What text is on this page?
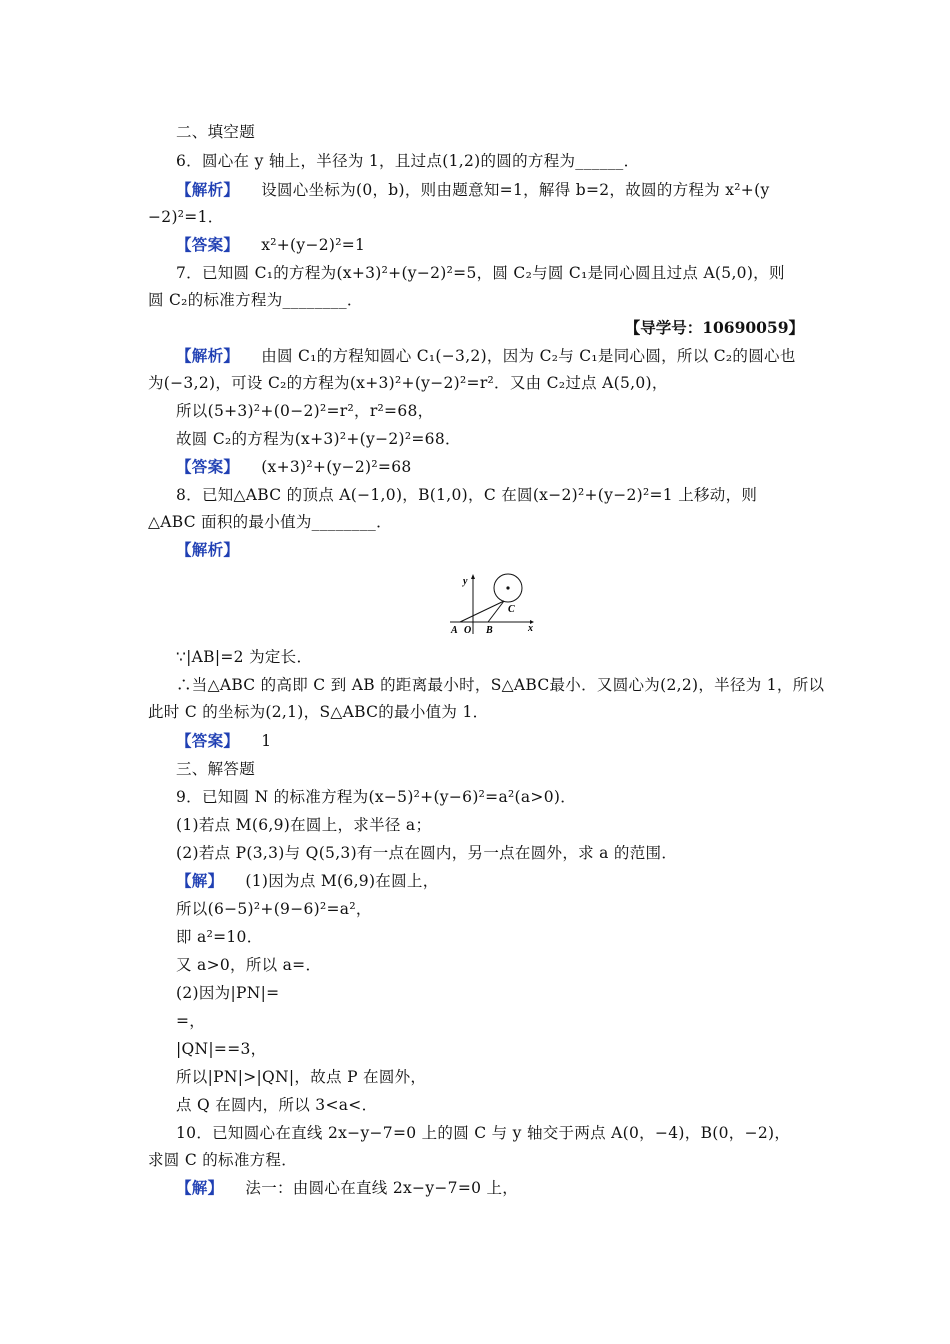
二、填空题
6．圆心在 y 轴上，半径为 1，且过点(1,2)的圆的方程为______．
【解析】 设圆心坐标为(0，b)，则由题意知=1，解得 b=2，故圆的方程为 x²+(y
−2)²=1．
【答案】 x²+(y−2)²=1
7．已知圆 C₁的方程为(x+3)²+(y−2)²=5，圆 C₂与圆 C₁是同心圆且过点 A(5,0)，则
圆 C₂的标准方程为________．
【导学号：10690059】
【解析】 由圆 C₁的方程知圆心 C₁(−3,2)，因为 C₂与 C₁是同心圆，所以 C₂的圆心也
为(−3,2)，可设 C₂的方程为(x+3)²+(y−2)²=r²．又由 C₂过点 A(5,0)，
所以(5+3)²+(0−2)²=r²，r²=68，
故圆 C₂的方程为(x+3)²+(y−2)²=68．
【答案】 (x+3)²+(y−2)²=68
8．已知△ABC 的顶点 A(−1,0)，B(1,0)，C 在圆(x−2)²+(y−2)²=1 上移动，则
△ABC 面积的最小值为________．
【解析】
y
x
A O B
C
∵|AB|=2 为定长．
∴当△ABC 的高即 C 到 AB 的距离最小时，S△ABC最小．又圆心为(2,2)，半径为 1，所以
此时 C 的坐标为(2,1)，S△ABC的最小值为 1．
【答案】 1
三、解答题
9．已知圆 N 的标准方程为(x−5)²+(y−6)²=a²(a>0)．
(1)若点 M(6,9)在圆上，求半径 a；
(2)若点 P(3,3)与 Q(5,3)有一点在圆内，另一点在圆外，求 a 的范围．
【解】 (1)因为点 M(6,9)在圆上，
所以(6−5)²+(9−6)²=a²，
即 a²=10．
又 a>0，所以 a=．
(2)因为|PN|=
=，
|QN|==3，
所以|PN|>|QN|，故点 P 在圆外，
点 Q 在圆内，所以 3<a<．
10．已知圆心在直线 2x−y−7=0 上的圆 C 与 y 轴交于两点 A(0，−4)，B(0，−2)，
求圆 C 的标准方程．
【解】 法一：由圆心在直线 2x−y−7=0 上，
